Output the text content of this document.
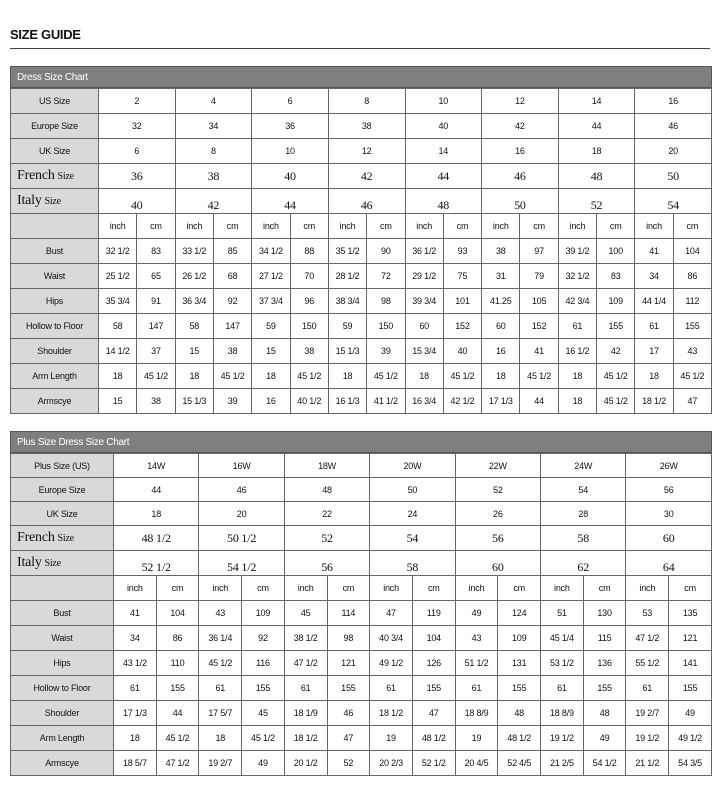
SIZE GUIDE
Dress Size Chart
US Size	2		4		6		8		10		12		14		16	
Europe Size	32		34		36		38		40		42		44		46	
UK Size	6		8		10		12		14		16		18		20	
French Size	36		38		40		42		44		46		48		50	
Italy Size	40		42		44		46		48		50		52		54	
	inch	cm	inch	cm	inch	cm	inch	cm	inch	cm	inch	cm	inch	cm	inch	cm
Bust	32 1/2	83	33 1/2	85	34 1/2	88	35 1/2	90	36 1/2	93	38	97	39 1/2	100	41	104
Waist	25 1/2	65	26 1/2	68	27 1/2	70	28 1/2	72	29 1/2	75	31	79	32 1/2	83	34	86
Hips	35 3/4	91	36 3/4	92	37 3/4	96	38 3/4	98	39 3/4	101	41.25	105	42 3/4	109	44 1/4	112
Hollow to Floor	58	147	58	147	59	150	59	150	60	152	60	152	61	155	61	155
Shoulder	14 1/2	37	15	38	15	38	15 1/3	39	15 3/4	40	16	41	16 1/2	42	17	43
Arm Length	18	45 1/2	18	45 1/2	18	45 1/2	18	45 1/2	18	45 1/2	18	45 1/2	18	45 1/2	18	45 1/2
Armscye	15	38	15 1/3	39	16	40 1/2	16 1/3	41 1/2	16 3/4	42 1/2	17 1/3	44	18	45 1/2	18 1/2	47
Plus Size Dress Size Chart
Plus Size (US)	14W		16W		18W		20W		22W		24W		26W	
Europe Size	44		46		48		50		52		54		56	
UK Size	18		20		22		24		26		28		30	
French Size	48 1/2		50 1/2		52		54		56		58		60	
Italy Size	52 1/2		54 1/2		56		58		60		62		64	
	inch	cm	inch	cm	inch	cm	inch	cm	inch	cm	inch	cm	inch	cm
Bust	41	104	43	109	45	114	47	119	49	124	51	130	53	135
Waist	34	86	36 1/4	92	38 1/2	98	40 3/4	104	43	109	45 1/4	115	47 1/2	121
Hips	43 1/2	110	45 1/2	116	47 1/2	121	49 1/2	126	51 1/2	131	53 1/2	136	55 1/2	141
Hollow to Floor	61	155	61	155	61	155	61	155	61	155	61	155	61	155
Shoulder	17 1/3	44	17 5/7	45	18 1/9	46	18 1/2	47	18 8/9	48	18 8/9	48	19 2/7	49
Arm Length	18	45 1/2	18	45 1/2	18 1/2	47	19	48 1/2	19	48 1/2	19 1/2	49	19 1/2	49 1/2
Armscye	18 5/7	47 1/2	19 2/7	49	20 1/2	52	20 2/3	52 1/2	20 4/5	52 4/5	21 2/5	54 1/2	21 1/2	54 3/5
